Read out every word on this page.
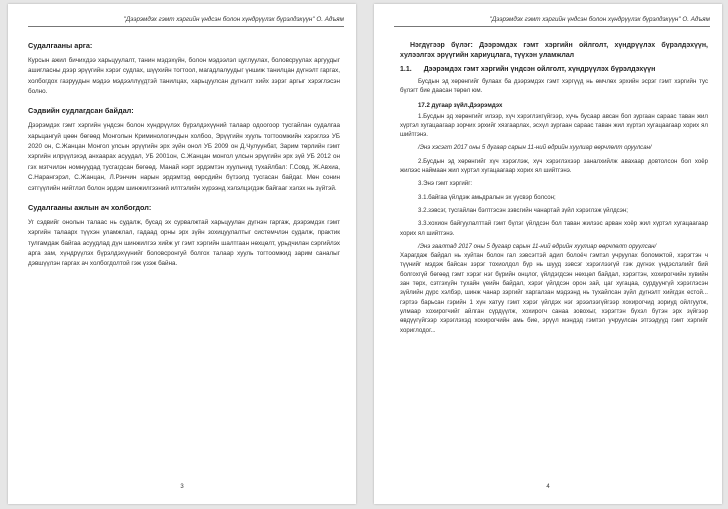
"Дээрэмдэх гэмт хэргийн үндсэн болон хүндрүүлэх бүрэлдэхүүн" О. Адъям
Судалгааны арга:
Курсын ажил бичихдээ харьцуулалт, танин мэдэхүйн, болон мэдээлэл цуглуулах, боловсруулах аргуудыг ашигласны дээр эрүүгийн хэрэг судлах, шүүхийн тогтоол, магадлалуудыг үншиж танилцан дүгнэлт гаргах, холбогдох газруудын мэдээ мэдээллүүдтэй танилцах, харьцуулсан дүгнэлт хийх зэрэг аргыг хэрэглэсэн болно.
Сэдвийн судлагдсан байдал:
Дээрэмдэх гэмт хэргийн үндсэн болон хүндрүүлэх бүрэлдэхүүний талаар одоогоор тусгайлан судалгаа харьцангуй цөөн бөгөөд Монголын Криминологичдын холбоо, Эрүүгийн хууль тогтоомжийн хэрэглээ УБ 2020 он, С.Жанцан Монгол улсын эрүүгийн эрх зүйн онол УБ 2009 он Д.Чулуунбат, Зарим төрлийн гэмт хэргийн илрүүлэхэд анхаарах асуудал, УБ 2001он, С.Жанцан монгол улсын эрүүгийн эрх зүй УБ 2012 он гэх мэтчилэн номнуудад тусгагдсан бөгөөд. Манай нэрт эрдэмтэн хуульчид тухайлбал: Г.Совд, Ж.Авхиа, С.Нарангэрэл, С.Жанцан, Л.Рэнчин нарын эрдэмтэд өөрсдийн бүтээлд тусгасан байдаг. Мөн сонин сэтгүүлийн нийтлэл болон эрдэм шинжилгээний илтгэлийн хүрээнд хэлэлцэгдэж байгааг хэлэх нь зүйтэй.
Судалгааны ажлын ач холбогдол:
Уг сэдвийг онолын талаас нь судалж, бусад эх сурвалжтай харьцуулан дүгнэн гаргаж, дээрэмдэх гэмт хэргийн талаарх түүхэн уламжлал, гадаад орны эрх зүйн зохицуулалтыг системчлэн судалж, практик тулгамдаж байгаа асуудлад дүн шинжилгээ хийж уг гэмт хэргийн шалтгаан нөхцөлт, урьдчилан сэргийлэх арга зам, хүндрүүлэх бүрэлдэхүүнийг боловсронгуй болгох талаар хууль тогтоомжид зарим саналыг дэвшүүлэн гаргах ач холбогдолтой гэж үзэж байна.
3
"Дээрэмдэх гэмт хэргийн үндсэн болон хүндрүүлэх бүрэлдэхүүн" О. Адъям
Нэгдүгээр бүлэг: Дээрэмдэх гэмт хэргийн ойлголт, хүндрүүлэх бүрэлдэхүүн, хулээлгэх эрүүгийн хариуцлага, түүхэн уламжлал
1.1. Дээрэмдэх гэмт хэргийн үндсэн ойлголт, хүндрүүлэх бүрэлдэхүүн
Бусдын эд хөрөнгийг булаах ба дээрэмдэх гэмт хэргүүд нь өмчлөх эрхийн эсрэг гэмт хэргийн тус бүлэгт бие даасан төрөл юм.
17.2 дугаар зүйл.Дээрэмдэх
1.Бусдын эд хөрөнгийг илээр, хүч хэрэглэхгүйгээр, хүчь бусаар авсан бол зургаан сараас таван жил хүртэл хугацаагаар зорчих эрхийг хязгаарлах, эсхүл зургаан сараас таван жил хүртэл хугацаагаар хорих ял шийтгэнэ.
/Энэ хэсэгт 2017 оны 5 дугаар сарын 11-ний өдрийн хуулиар өөрчлөлт оруулсан/
2.Бусдын эд хөрөнгийг хүч хэрэглэж, хүч хэрэглэхээр заналхийлж авахаар довтолсон бол хоёр жилээс наймаан жил хүртэл хугацаагаар хорих ял шийтгэнэ.
3.Энэ гэмт хэргийг:
3.1.байгаа үйлдэж амьдралын эх үүсвэр болсон;
3.2.зэвсэг, тусгайлан бэлтгэсэн зэвсгийн чанартай зүйл хэрэглэж үйлдсэн;
3.3.хохион байгуулалттай гэмт бүлэг үйлдсэн бол таван жилээс арван хоёр жил хүртэл хугацаагаар хорих ял шийтгэнэ.
/Энэ заалтад 2017 оны 5 дугаар сарын 11-ний өдрийн хуулиар өөрчлөлт оруулсан/
Харагдаж байдал нь хуйтан болон гал зэвсэгтэй адил болоёч гэмтэл учруулах боломжтой, хэрэгтэн ч түүнийг мэдэж байсан зэрэг тохиолдол бүр нь шууд зэвсэг хэрэглээгүй гэж дүгнэх үндэслэлийг бий болгохгүй бөгөөд гэмт хэрэг нэг бүрийн онцлог, үйлдэгдсэн нөхцөл байдал, хэрэгтэн, хохирогчийн хувийн зан төрх, сэтгэхүйн тухайн үеийн байдал, хэрэг үйлдсэн орон зай, цаг хугацаа, сурдуунгүй хэрэглэсэн зүйлийн дүрс хэлбэр, шинж чанар зэргийг харгалзан мэдээнд нь тухайлсан зүйл дүгнэлт хийгдэх естой... гэртээ барьсан гэрийн 1 хүн хатуу гэмт хэрэг үйлдэх нэг эрээлээгүйгээр хохирогчид зориуд ойлгуулж, улмаар хохирогчийг айлган сүрдүүлж, хохирогч санаа зовохыг, хэрэгтэн бүхэл бүтэн эрх зүйгээр өвдүүгүйгээр хэрэглэхэд хохирогчийн амь бие, эрүүл мэндэд гэмтэл учруулсан этгээдүүд гэмт хэргийг хориглодог...
4
